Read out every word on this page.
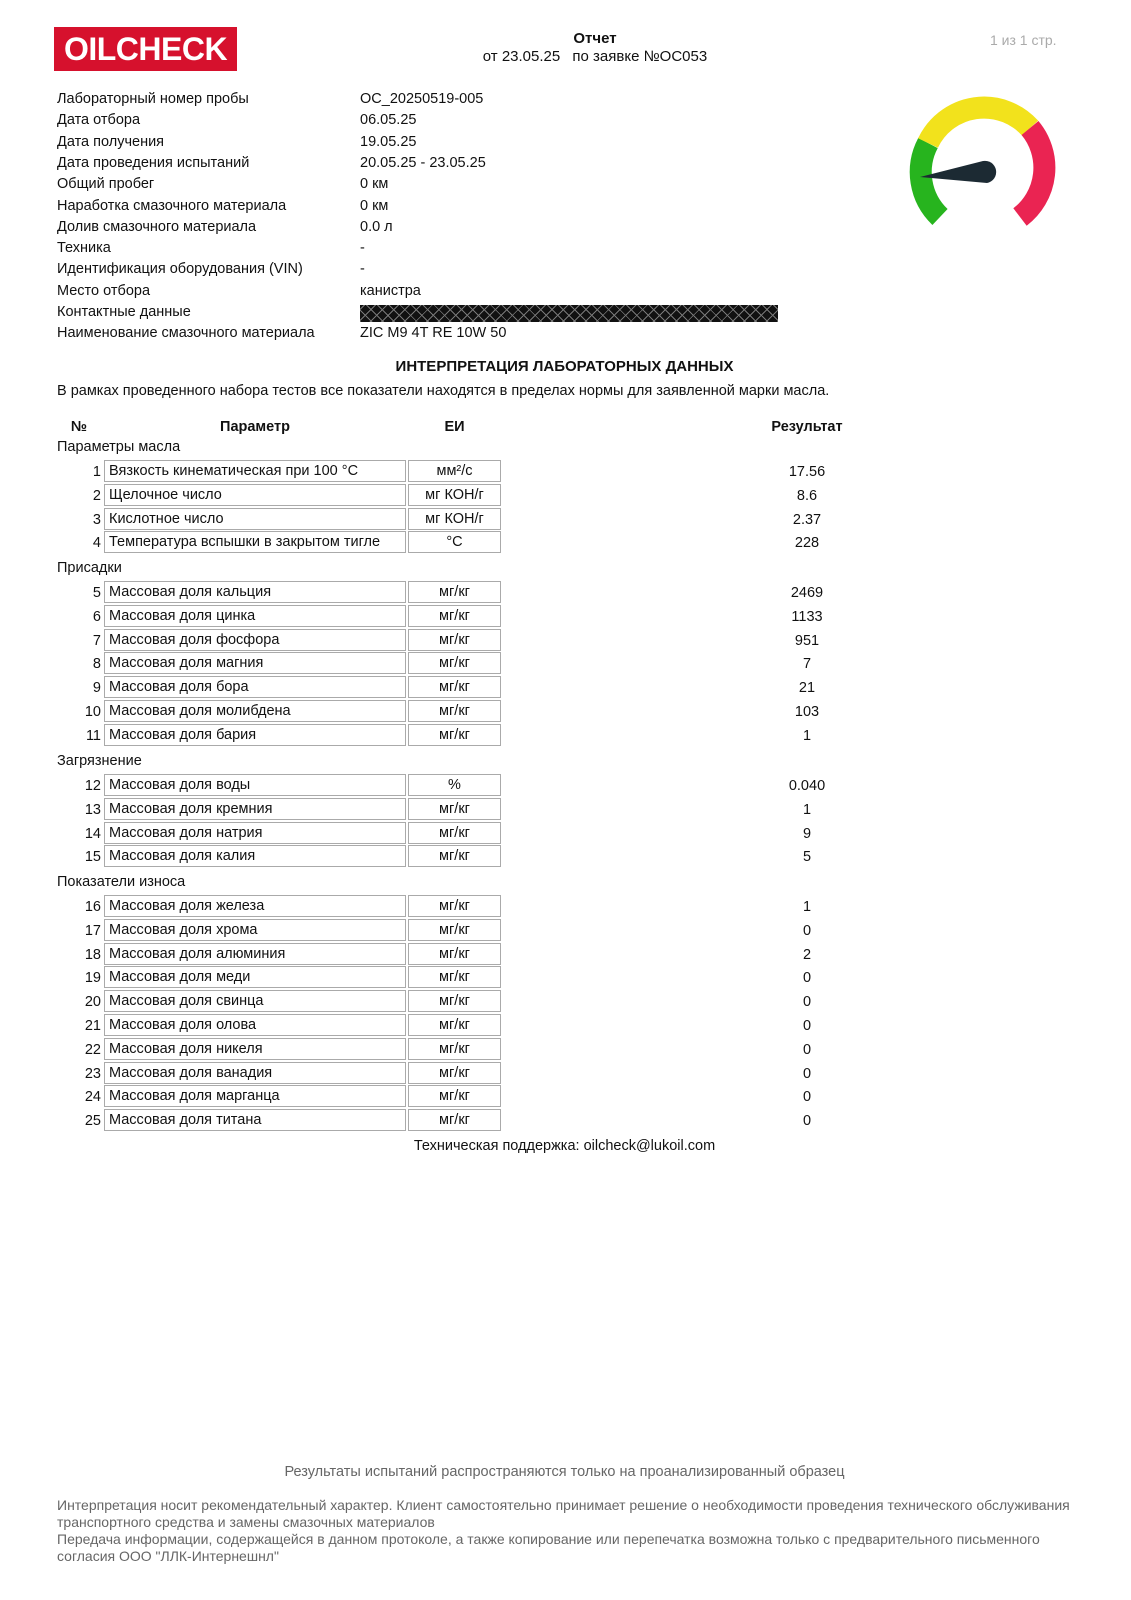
OILCHECK	Отчет
от 23.05.25 по заявке №OC053
1 из 1 стр.
Лабораторный номер пробы	OC_20250519-005
Дата отбора	06.05.25
Дата получения	19.05.25
Дата проведения испытаний	20.05.25 - 23.05.25
Общий пробег	0 км
Наработка смазочного материала	0 км
Долив смазочного материала	0.0 л
Техника	-
Идентификация оборудования (VIN)	-
Место отбора	канистра
Контактные данные
Наименование смазочного материала	ZIC M9 4T RE 10W 50
ИНТЕРПРЕТАЦИЯ ЛАБОРАТОРНЫХ ДАННЫХ
В рамках проведенного набора тестов все показатели находятся в пределах нормы для заявленной марки масла.
№	Параметр	ЕИ	Результат
Параметры масла
1 Вязкость кинематическая при 100 °C	мм²/с	17.56
2 Щелочное число	мг КОН/г	8.6
3 Кислотное число	мг КОН/г	2.37
4 Температура вспышки в закрытом тигле	°С	228
Присадки
5 Массовая доля кальция	мг/кг	2469
6 Массовая доля цинка	мг/кг	1133
7 Массовая доля фосфора	мг/кг	951
8 Массовая доля магния	мг/кг	7
9 Массовая доля бора	мг/кг	21
10 Массовая доля молибдена	мг/кг	103
11 Массовая доля бария	мг/кг	1
Загрязнение
12 Массовая доля воды	%	0.040
13 Массовая доля кремния	мг/кг	1
14 Массовая доля натрия	мг/кг	9
15 Массовая доля калия	мг/кг	5
Показатели износа
16 Массовая доля железа	мг/кг	1
17 Массовая доля хрома	мг/кг	0
18 Массовая доля алюминия	мг/кг	2
19 Массовая доля меди	мг/кг	0
20 Массовая доля свинца	мг/кг	0
21 Массовая доля олова	мг/кг	0
22 Массовая доля никеля	мг/кг	0
23 Массовая доля ванадия	мг/кг	0
24 Массовая доля марганца	мг/кг	0
25 Массовая доля титана	мг/кг	0
Техническая поддержка: oilcheck@lukoil.com
Результаты испытаний распространяются только на проанализированный образец
Интерпретация носит рекомендательный характер. Клиент самостоятельно принимает решение о необходимости проведения технического обслуживания транспортного средства и замены смазочных материалов
Передача информации, содержащейся в данном протоколе, а также копирование или перепечатка возможна только с предварительного письменного согласия ООО "ЛЛК-Интернешнл"
